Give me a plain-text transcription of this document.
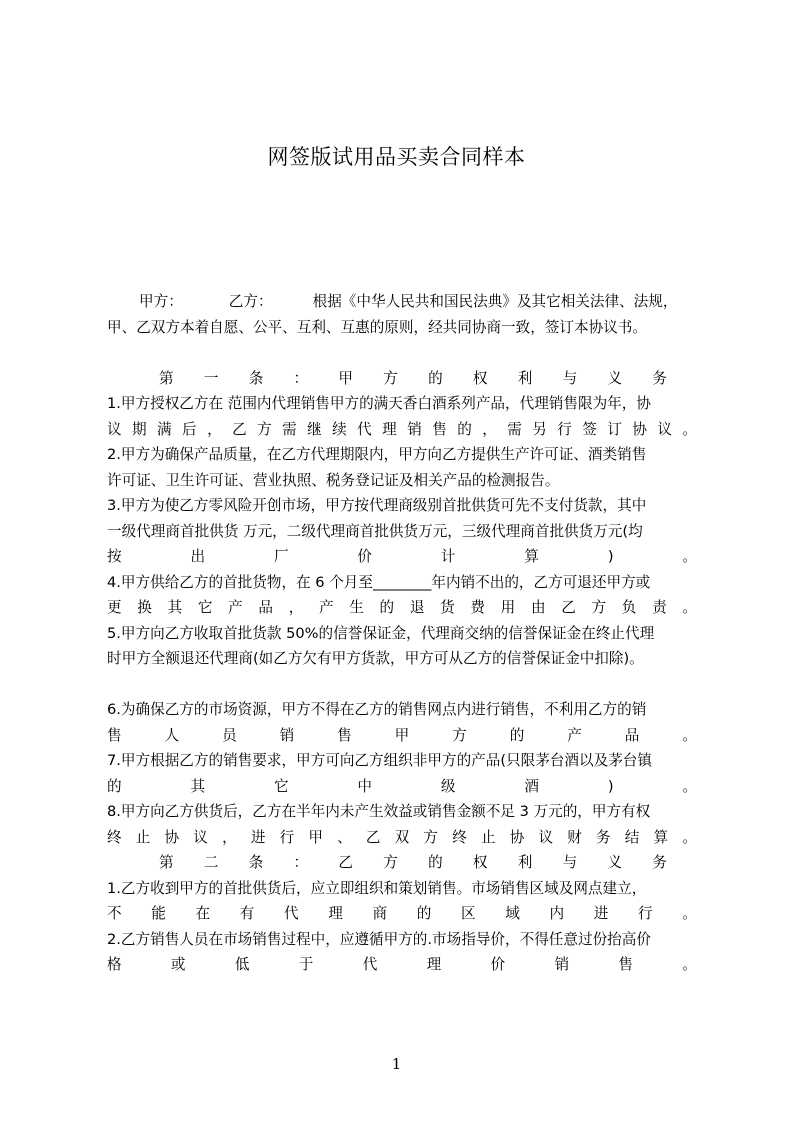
网签版试用品买卖合同样本
甲方：	乙方：	根据《中华人民共和国民法典》及其它相关法律、法规，
甲、乙双方本着自愿、公平、互利、互惠的原则，经共同协商一致，签订本协议书。
第 一 条 ： 甲 方 的 权 利 与 义 务
1.甲方授权乙方在 范围内代理销售甲方的满天香白酒系列产品，代理销售限为年，协
议 期 满 后 ， 乙 方 需 继 续 代 理 销 售 的 ， 需 另 行 签 订 协 议 。
2.甲方为确保产品质量，在乙方代理期限内，甲方向乙方提供生产许可证、酒类销售
许可证、卫生许可证、营业执照、税务登记证及相关产品的检测报告。
3.甲方为使乙方零风险开创市场，甲方按代理商级别首批供货可先不支付货款，其中
一级代理商首批供货 万元，二级代理商首批供货万元，三级代理商首批供货万元(均
按	出	厂	价	计	算	)	。
4.甲方供给乙方的首批货物，在 6 个月至________年内销不出的，乙方可退还甲方或
更 换 其 它 产 品 ， 产 生 的 退 货 费 用 由 乙 方 负 责 。
5.甲方向乙方收取首批货款 50%的信誉保证金，代理商交纳的信誉保证金在终止代理
时甲方全额退还代理商(如乙方欠有甲方货款，甲方可从乙方的信誉保证金中扣除)。
6.为确保乙方的市场资源，甲方不得在乙方的销售网点内进行销售，不利用乙方的销
售	人	员	销	售	甲	方	的	产	品	。
7.甲方根据乙方的销售要求，甲方可向乙方组织非甲方的产品(只限茅台酒以及茅台镇
的	其	它	中	级	酒	)	。
8.甲方向乙方供货后，乙方在半年内未产生效益或销售金额不足 3 万元的，甲方有权
终 止 协 议 ， 进 行 甲 、 乙 双 方 终 止 协 议 财 务 结 算 。
第 二 条 ： 乙 方 的 权 利 与 义 务
1.乙方收到甲方的首批供货后，应立即组织和策划销售。市场销售区域及网点建立，
不 能 在 有 代 理 商 的 区 域 内 进 行 。
2.乙方销售人员在市场销售过程中，应遵循甲方的.市场指导价，不得任意过份抬高价
格	或	低	于	代	理	价	销	售	。
1
